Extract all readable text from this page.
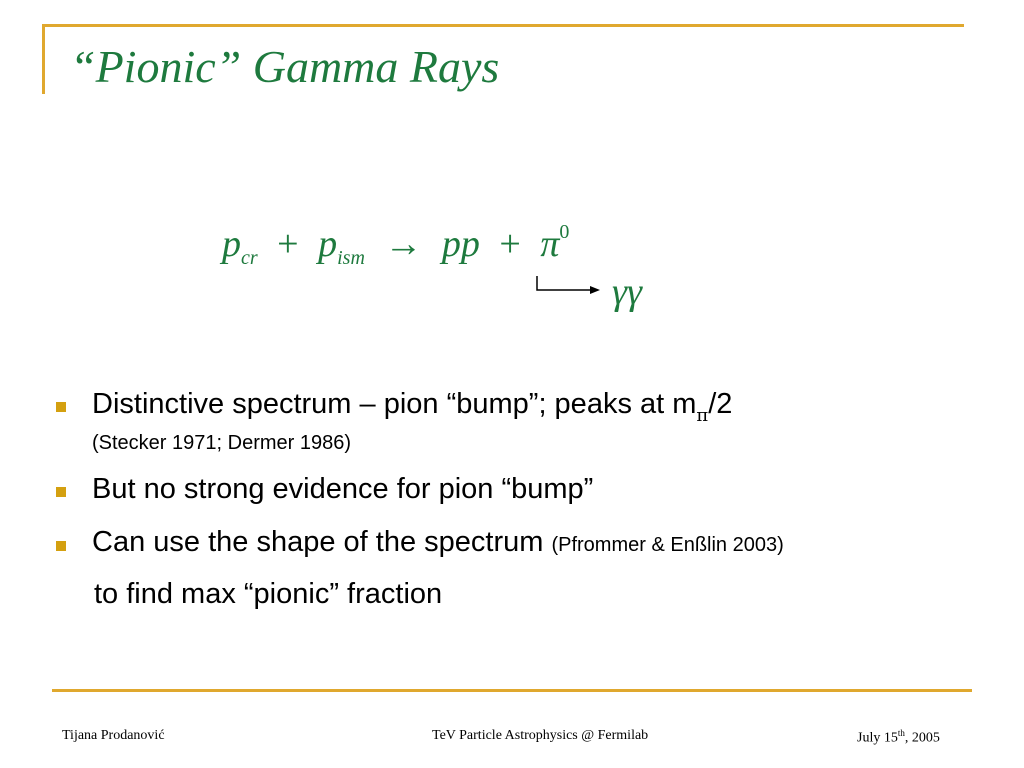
“Pionic” Gamma Rays
$p_{cr} + p_{ism}$ → pp + $\pi^0$
γγ
Distinctive spectrum – pion “bump”; peaks at $m_\pi/2$
(Stecker 1971; Dermer 1986)
But no strong evidence for pion “bump”
Can use the shape of the spectrum (Pfrommer & Enßlin 2003)
to find max “pionic” fraction
Tijana Prodanović	TeV Particle Astrophysics @ Fermilab	July 15th, 2005
